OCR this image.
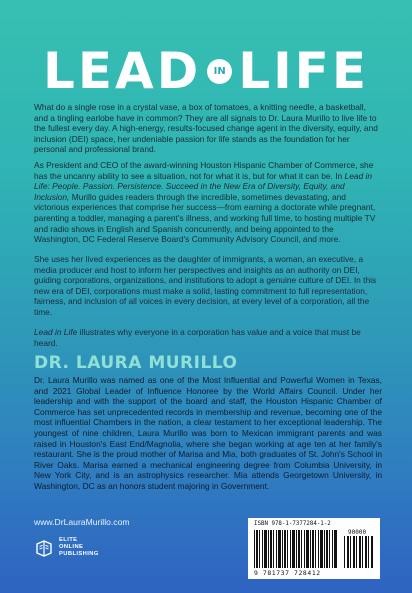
LEAD	IN LIFE

What do a single rose in a crystal vase, a box of tomatoes, a knitting needle, a basketball, and a tingling earlobe have in common? They are all signals to Dr. Laura Murillo to live life to the fullest every day. A high-energy, results-focused change agent in the diversity, equity, and inclusion (DEI) space, her undeniable passion for life stands as the foundation for her personal and professional brand.

As President and CEO of the award-winning Houston Hispanic Chamber of Commerce, she has the uncanny ability to see a situation, not for what it is, but for what it can be. In Lead in Life: People. Passion. Persistence. Succeed in the New Era of Diversity, Equity, and Inclusion, Murillo guides readers through the incredible, sometimes devastating, and victorious experiences that comprise her success—from earning a doctorate while pregnant, parenting a toddler, managing a parent's illness, and working full time, to hosting multiple TV and radio shows in English and Spanish concurrently, and being appointed to the Washington, DC Federal Reserve Board's Community Advisory Council, and more.

She uses her lived experiences as the daughter of immigrants, a woman, an executive, a media producer and host to inform her perspectives and insights as an authority on DEI, guiding corporations, organizations, and institutions to adopt a genuine culture of DEI. In this new era of DEI, corporations must make a solid, lasting commitment to full representation, fairness, and inclusion of all voices in every decision, at every level of a corporation, all the time.

Lead in Life illustrates why everyone in a corporation has value and a voice that must be heard.

DR. LAURA MURILLO

Dr. Laura Murillo was named as one of the Most Influential and Powerful Women in Texas, and 2021 Global Leader of Influence Honoree by the World Affairs Council. Under her leadership and with the support of the board and staff, the Houston Hispanic Chamber of Commerce has set unprecedented records in membership and revenue, becoming one of the most influential Chambers in the nation, a clear testament to her exceptional leadership. The youngest of nine children, Laura Murillo was born to Mexican immigrant parents and was raised in Houston's East End/Magnolia, where she began working at age ten at her family's restaurant. She is the proud mother of Marisa and Mia, both graduates of St. John's School in River Oaks. Marisa earned a mechanical engineering degree from Columbia University, in New York City, and is an astrophysics researcher. Mia attends Georgetown University, in Washington, DC as an honors student majoring in Government.

www.DrLauraMurillo.com

ELITE
ONLINE
PUBLISHING
ISBN 978-1-7377284-1-2
90000
9 781737 728412
